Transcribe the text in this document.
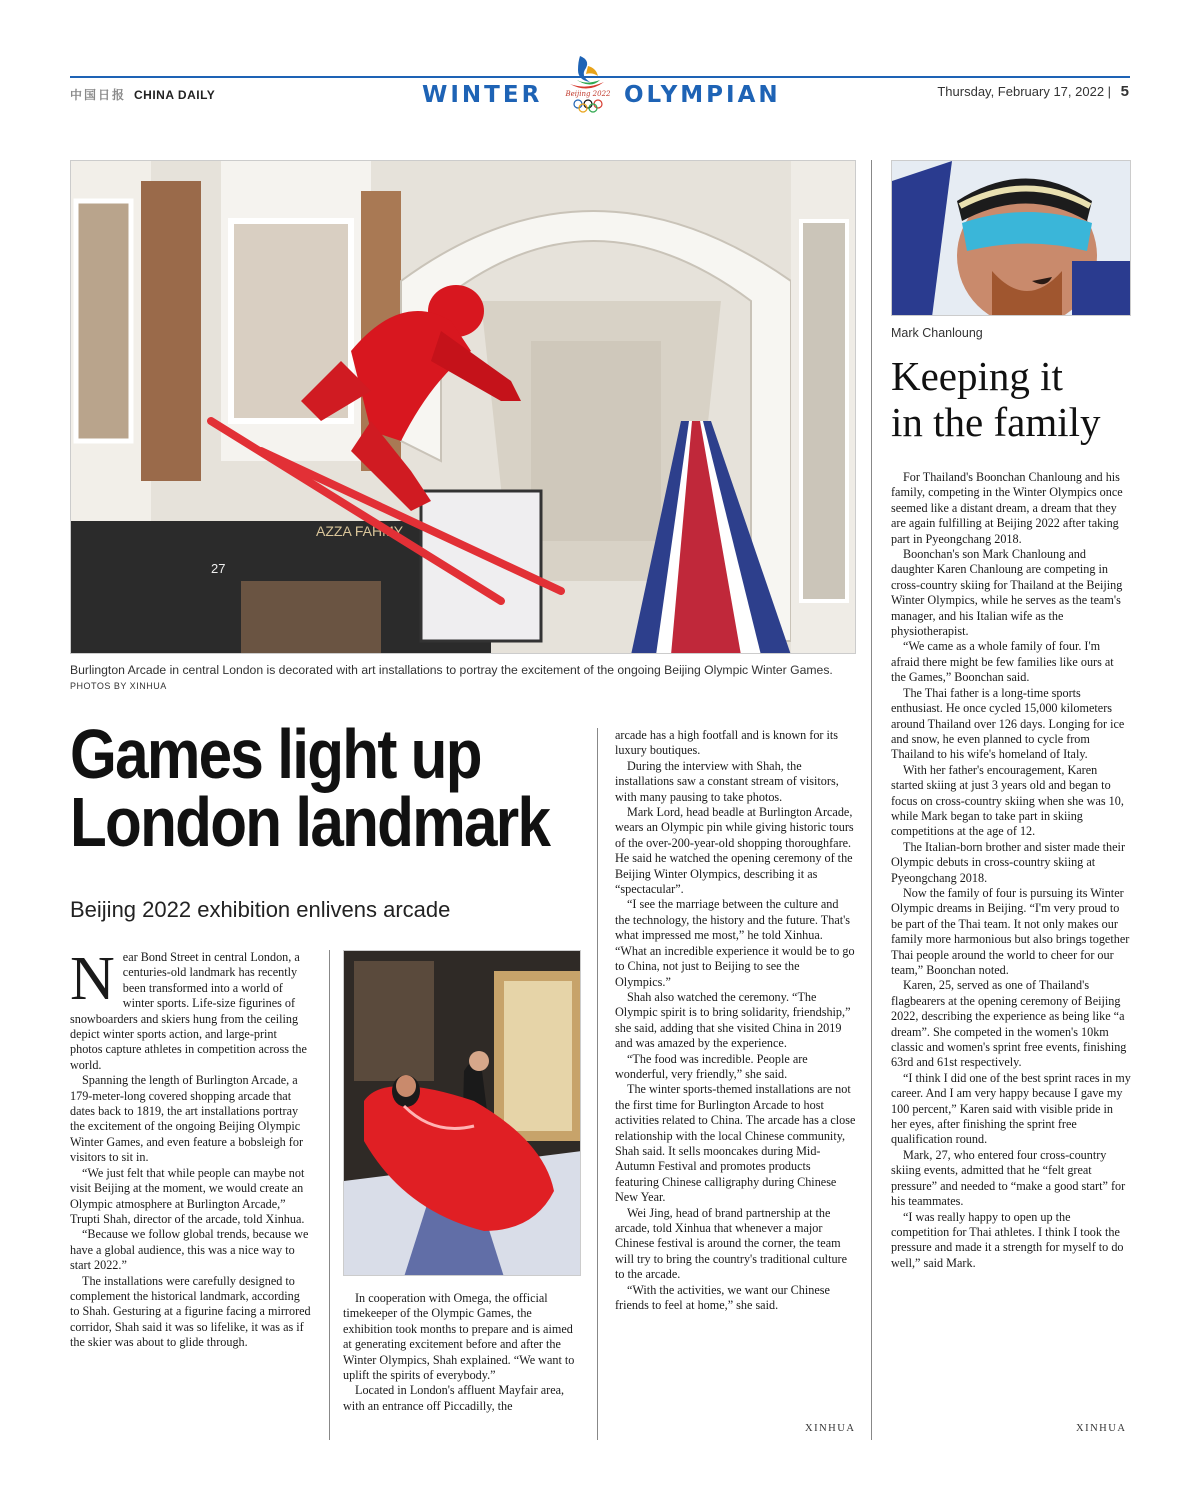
中国日报 CHINA DAILY	WINTER	Beijing 2022 OLYMPIAN	Thursday, February 17, 2022 | 5
AZZA FAHMY
27
Burlington Arcade in central London is decorated with art installations to portray the excitement of the ongoing Beijing Olympic Winter Games. PHOTOS BY XINHUA
Mark Chanloung
Games light up
London landmark
Beijing 2022 exhibition enlivens arcade

Near Bond Street in central London, a centuries-old landmark has recently been transformed into a world of winter sports. Life-size figurines of snowboarders and skiers hung from the ceiling depict winter sports action, and large-print photos capture athletes in competition across the world.

Spanning the length of Burlington Arcade, a 179-meter-long covered shopping arcade that dates back to 1819, the art installations portray the excitement of the ongoing Beijing Olympic Winter Games, and even feature a bobsleigh for visitors to sit in.

“We just felt that while people can maybe not visit Beijing at the moment, we would create an Olympic atmosphere at Burlington Arcade,” Trupti Shah, director of the arcade, told Xinhua.

“Because we follow global trends, because we have a global audience, this was a nice way to start 2022.”

The installations were carefully designed to complement the historical landmark, according to Shah. Gesturing at a figurine facing a mirrored corridor, Shah said it was so lifelike, it was as if the skier was about to glide through.

In cooperation with Omega, the official timekeeper of the Olympic Games, the exhibition took months to prepare and is aimed at generating excitement before and after the Winter Olympics, Shah explained. “We want to uplift the spirits of everybody.”

Located in London's affluent Mayfair area, with an entrance off Piccadilly, the

arcade has a high footfall and is known for its luxury boutiques.

During the interview with Shah, the installations saw a constant stream of visitors, with many pausing to take photos.

Mark Lord, head beadle at Burlington Arcade, wears an Olympic pin while giving historic tours of the over-200-year-old shopping thoroughfare. He said he watched the opening ceremony of the Beijing Winter Olympics, describing it as “spectacular”.

“I see the marriage between the culture and the technology, the history and the future. That's what impressed me most,” he told Xinhua. “What an incredible experience it would be to go to China, not just to Beijing to see the Olympics.”

Shah also watched the ceremony. “The Olympic spirit is to bring solidarity, friendship,” she said, adding that she visited China in 2019 and was amazed by the experience.

“The food was incredible. People are wonderful, very friendly,” she said.

The winter sports-themed installations are not the first time for Burlington Arcade to host activities related to China. The arcade has a close relationship with the local Chinese community, Shah said. It sells mooncakes during Mid-Autumn Festival and promotes products featuring Chinese calligraphy during Chinese New Year.

Wei Jing, head of brand partnership at the arcade, told Xinhua that whenever a major Chinese festival is around the corner, the team will try to bring the country's traditional culture to the arcade.

“With the activities, we want our Chinese friends to feel at home,” she said.

XINHUA
Keeping it
in the family

For Thailand's Boonchan Chanloung and his family, competing in the Winter Olympics once seemed like a distant dream, a dream that they are again fulfilling at Beijing 2022 after taking part in Pyeongchang 2018.

Boonchan's son Mark Chanloung and daughter Karen Chanloung are competing in cross-country skiing for Thailand at the Beijing Winter Olympics, while he serves as the team's manager, and his Italian wife as the physiotherapist.

“We came as a whole family of four. I'm afraid there might be few families like ours at the Games,” Boonchan said.

The Thai father is a long-time sports enthusiast. He once cycled 15,000 kilometers around Thailand over 126 days. Longing for ice and snow, he even planned to cycle from Thailand to his wife's homeland of Italy.

With her father's encouragement, Karen started skiing at just 3 years old and began to focus on cross-country skiing when she was 10, while Mark began to take part in skiing competitions at the age of 12.

The Italian-born brother and sister made their Olympic debuts in cross-country skiing at Pyeongchang 2018.

Now the family of four is pursuing its Winter Olympic dreams in Beijing. “I'm very proud to be part of the Thai team. It not only makes our family more harmonious but also brings together Thai people around the world to cheer for our team,” Boonchan noted.

Karen, 25, served as one of Thailand's flagbearers at the opening ceremony of Beijing 2022, describing the experience as being like “a dream”. She competed in the women's 10km classic and women's sprint free events, finishing 63rd and 61st respectively.

“I think I did one of the best sprint races in my career. And I am very happy because I gave my 100 percent,” Karen said with visible pride in her eyes, after finishing the sprint free qualification round.

Mark, 27, who entered four cross-country skiing events, admitted that he “felt great pressure” and needed to “make a good start” for his teammates.

“I was really happy to open up the competition for Thai athletes. I think I took the pressure and made it a strength for myself to do well,” said Mark.

XINHUA
